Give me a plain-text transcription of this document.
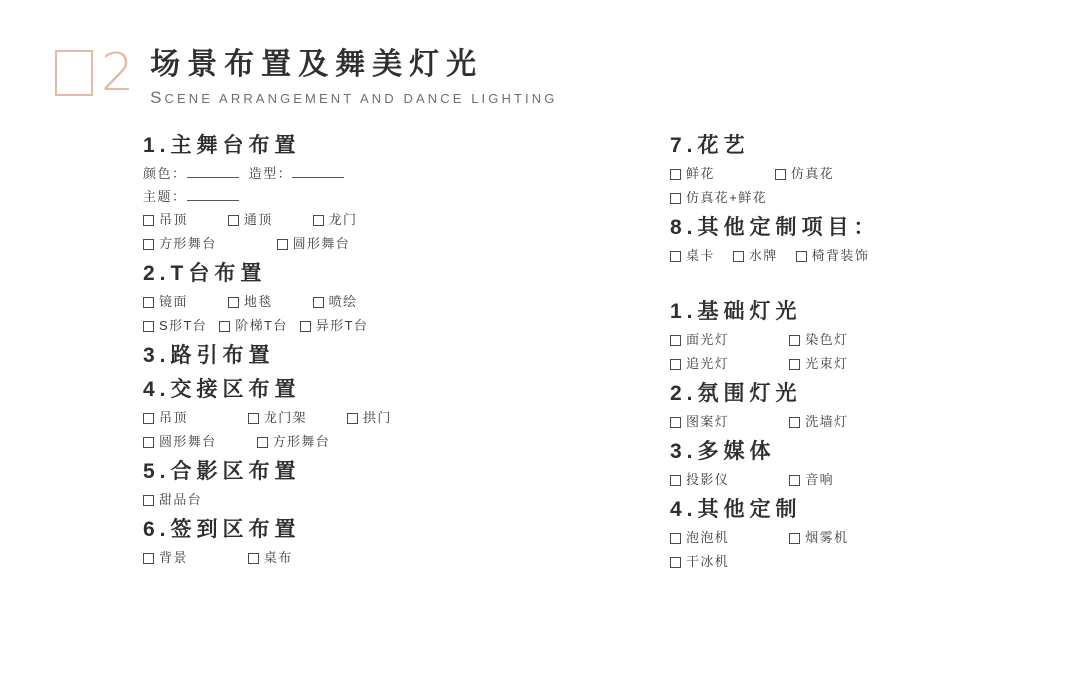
2 场景布置及舞美灯光
SCENE ARRANGEMENT AND DANCE LIGHTING
1.主舞台布置
颜色：	造型：
主题：
吊顶	通顶	龙门
方形舞台	圆形舞台
2.T台布置
镜面	地毯	喷绘
S形T台 阶梯T台 异形T台
3.路引布置
4.交接区布置
吊顶	龙门架	拱门
圆形舞台	方形舞台
5.合影区布置
甜品台
6.签到区布置
背景	桌布
7.花艺
鲜花	仿真花
仿真花+鲜花
8.其他定制项目：
桌卡	水牌	椅背装饰
1.基础灯光
面光灯	染色灯
追光灯	光束灯
2.氛围灯光
图案灯	洗墙灯
3.多媒体
投影仪	音响
4.其他定制
泡泡机	烟雾机
干冰机
